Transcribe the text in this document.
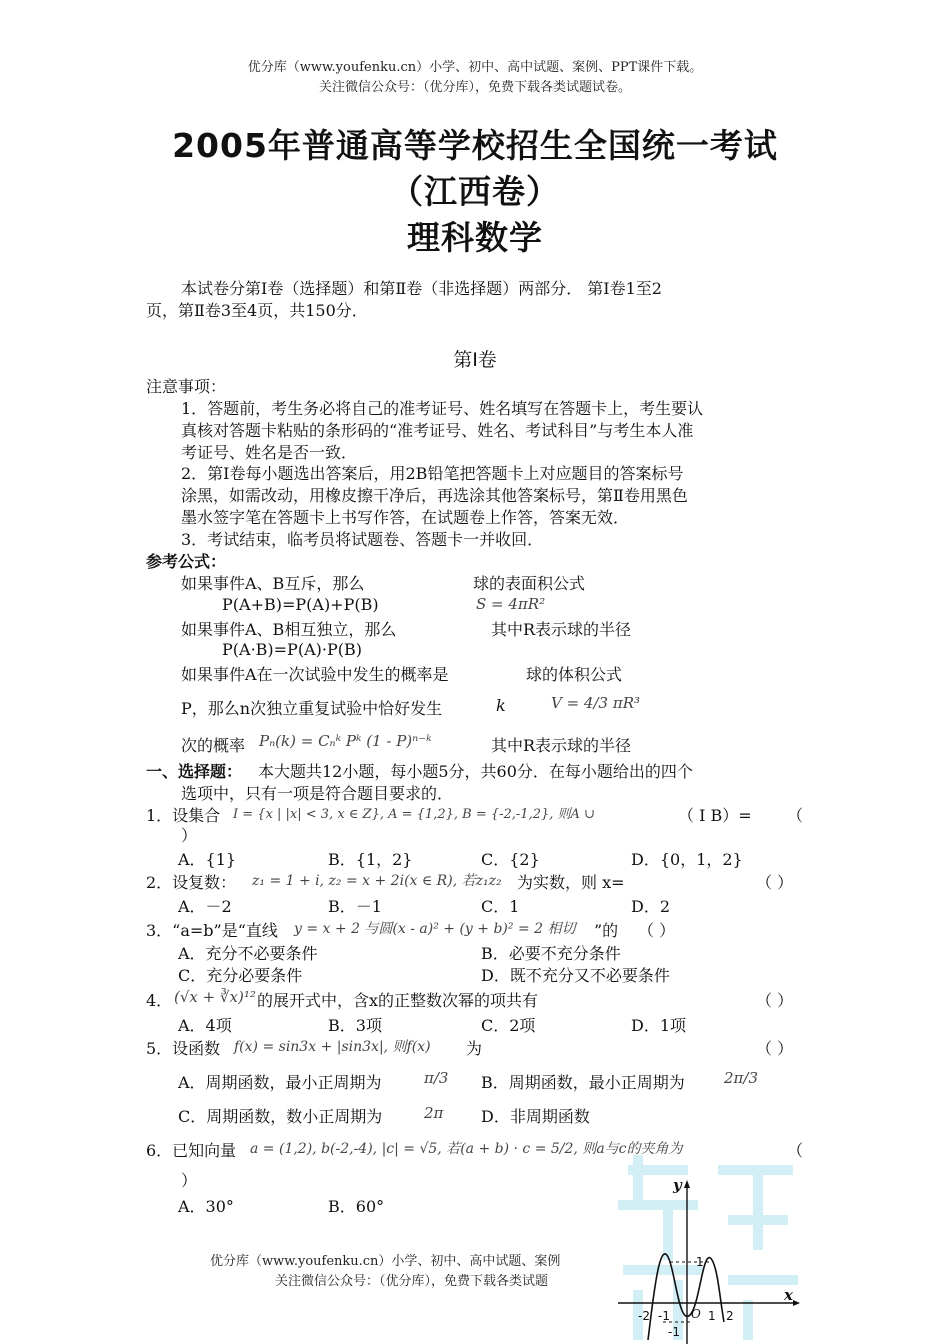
优分库（www.youfenku.cn）小学、初中、高中试题、案例、PPT课件下载。
关注微信公众号：（优分库），免费下载各类试题试卷。
2005年普通高等学校招生全国统一考试
（江西卷）
理科数学
本试卷分第Ⅰ卷（选择题）和第Ⅱ卷（非选择题）两部分． 第Ⅰ卷1至2
页，第Ⅱ卷3至4页，共150分．
第Ⅰ卷
注意事项：
1．答题前，考生务必将自己的准考证号、姓名填写在答题卡上，考生要认
真核对答题卡粘贴的条形码的“准考证号、姓名、考试科目”与考生本人准
考证号、姓名是否一致．
2．第Ⅰ卷每小题选出答案后，用2B铅笔把答题卡上对应题目的答案标号
涂黑，如需改动，用橡皮擦干净后，再选涂其他答案标号，第Ⅱ卷用黑色
墨水签字笔在答题卡上书写作答，在试题卷上作答，答案无效．
3．考试结束，临考员将试题卷、答题卡一并收回．
参考公式：
如果事件A、B互斥，那么
P(A+B)=P(A)+P(B)
如果事件A、B相互独立，那么
P(A·B)=P(A)·P(B)
如果事件A在一次试验中发生的概率是
P，那么n次独立重复试验中恰好发生	k
次的概率 Pₙ(k) = Cₙᵏ Pᵏ (1 - P)ⁿ⁻ᵏ
球的表面积公式
S = 4πR²
其中R表示球的半径
球的体积公式
V = 4/3 πR³
其中R表示球的半径
一、选择题： 本大题共12小题，每小题5分，共60分．在每小题给出的四个
选项中，只有一项是符合题目要求的．
1．设集合 I = {x | |x| < 3, x ∈ Z}, A = {1,2}, B = {-2,-1,2}, 则A ∪	（ I B）= （
）
A．{1}	B．{1，2}	C．{2}	D．{0，1，2}
2．设复数： z₁ = 1 + i, z₂ = x + 2i(x ∈ R), 若z₁z₂ 为实数，则 x=	（ ）
A．－2	B．－1	C．1	D．2
3．“a=b”是“直线 y = x + 2 与圆(x - a)² + (y + b)² = 2 相切 ”的 （ ）
A．充分不必要条件	B．必要不充分条件
C．充分必要条件	D．既不充分又不必要条件
4． (√x + ∛x)¹² 的展开式中，含x的正整数次幂的项共有	（ ）
A．4项	B．3项	C．2项	D．1项
5．设函数 f(x) = sin3x + |sin3x|, 则f(x) 为	（ ）
A．周期函数，最小正周期为	π/3 B．周期函数，最小正周期为	2π/3
C．周期函数，数小正周期为	2π D．非周期函数
6．已知向量 a = (1,2), b(-2,-4), |c| = √5, 若(a + b) · c = 5/2, 则a与c的夹角为	（
）
A．30°	B．60°
优分库（www.youfenku.cn）小学、初中、高中试题、案例
关注微信公众号：（优分库），免费下载各类试题
y
x
-2 -1 O 1 2
1
-1
